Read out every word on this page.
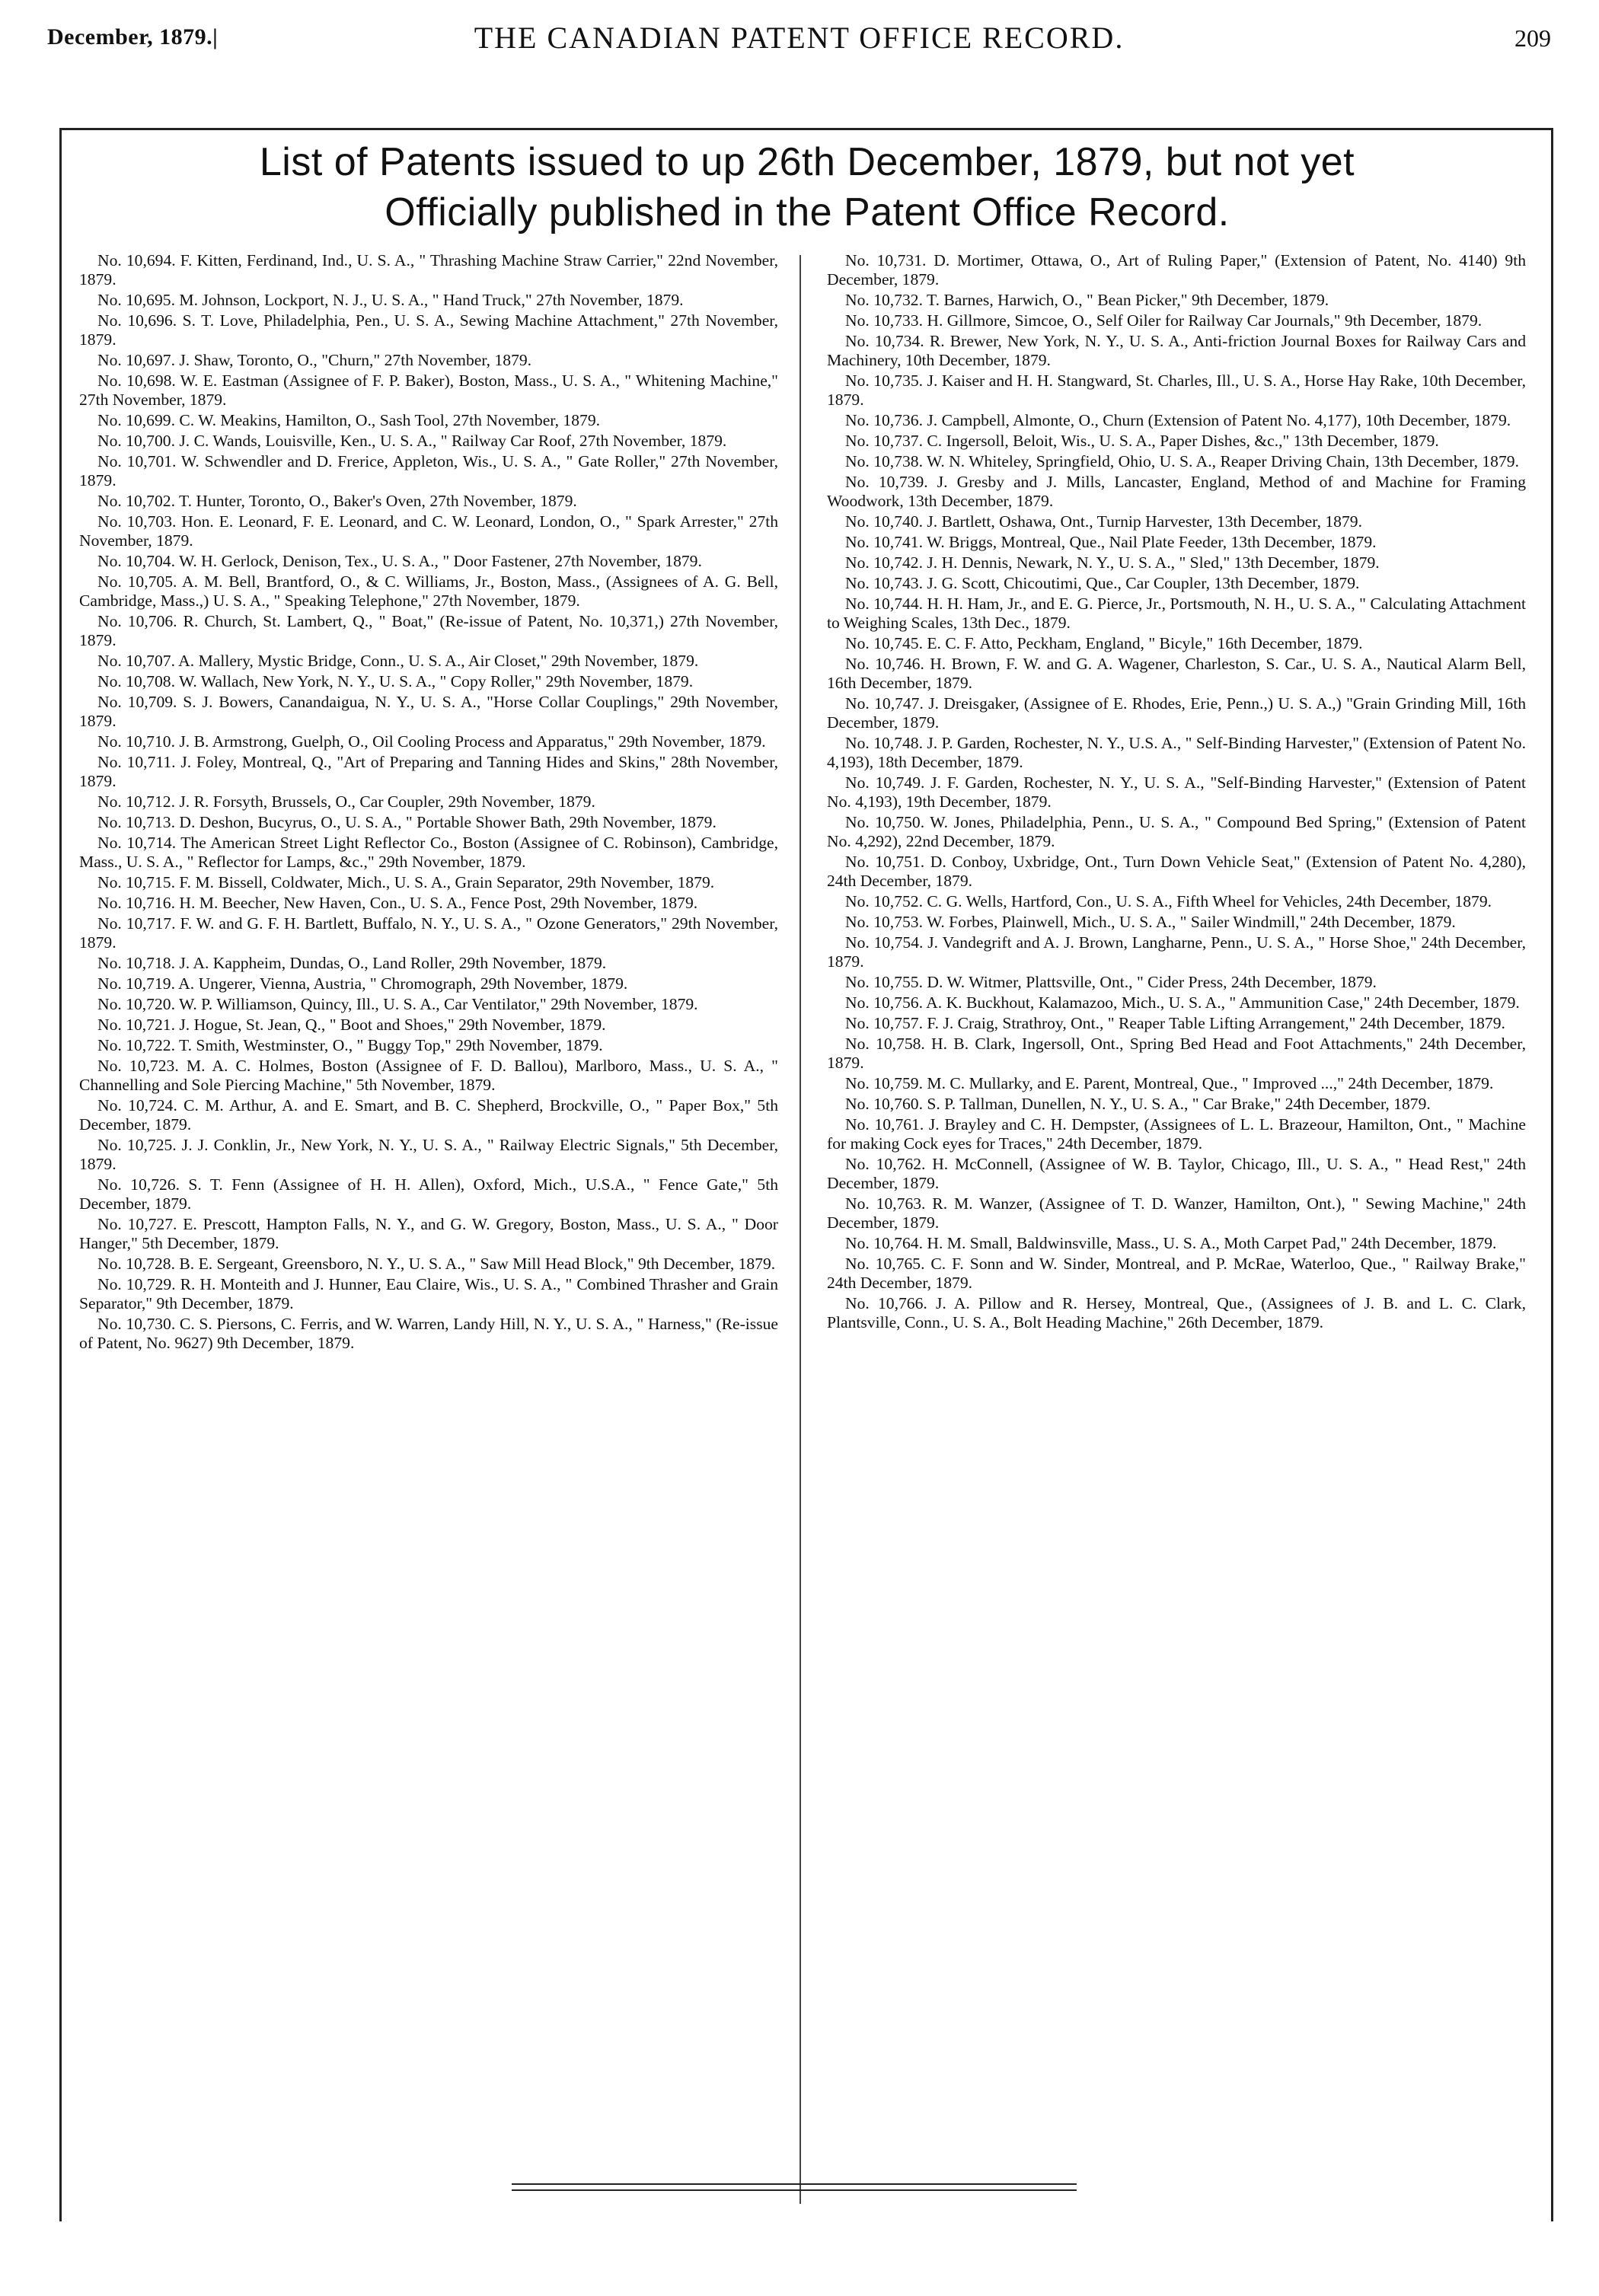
December, 1879.|	THE CANADIAN PATENT OFFICE RECORD.	209
List of Patents issued to up 26th December, 1879, but not yet
Officially published in the Patent Office Record.

No. 10,694. F. Kitten, Ferdinand, Ind., U. S. A., " Thrashing Machine Straw Carrier," 22nd November, 1879.

No. 10,695. M. Johnson, Lockport, N. J., U. S. A., " Hand Truck," 27th November, 1879.

No. 10,696. S. T. Love, Philadelphia, Pen., U. S. A., Sewing Machine Attachment," 27th November, 1879.

No. 10,697. J. Shaw, Toronto, O., "Churn," 27th November, 1879.

No. 10,698. W. E. Eastman (Assignee of F. P. Baker), Boston, Mass., U. S. A., " Whitening Machine," 27th November, 1879.

No. 10,699. C. W. Meakins, Hamilton, O., Sash Tool, 27th November, 1879.

No. 10,700. J. C. Wands, Louisville, Ken., U. S. A., " Railway Car Roof, 27th November, 1879.

No. 10,701. W. Schwendler and D. Frerice, Appleton, Wis., U. S. A., " Gate Roller," 27th November, 1879.

No. 10,702. T. Hunter, Toronto, O., Baker's Oven, 27th November, 1879.

No. 10,703. Hon. E. Leonard, F. E. Leonard, and C. W. Leonard, London, O., " Spark Arrester," 27th November, 1879.

No. 10,704. W. H. Gerlock, Denison, Tex., U. S. A., " Door Fastener, 27th November, 1879.

No. 10,705. A. M. Bell, Brantford, O., & C. Williams, Jr., Boston, Mass., (Assignees of A. G. Bell, Cambridge, Mass.,) U. S. A., " Speaking Telephone," 27th November, 1879.

No. 10,706. R. Church, St. Lambert, Q., " Boat," (Re-issue of Patent, No. 10,371,) 27th November, 1879.

No. 10,707. A. Mallery, Mystic Bridge, Conn., U. S. A., Air Closet," 29th November, 1879.

No. 10,708. W. Wallach, New York, N. Y., U. S. A., " Copy Roller," 29th November, 1879.

No. 10,709. S. J. Bowers, Canandaigua, N. Y., U. S. A., "Horse Collar Couplings," 29th November, 1879.

No. 10,710. J. B. Armstrong, Guelph, O., Oil Cooling Process and Apparatus," 29th November, 1879.

No. 10,711. J. Foley, Montreal, Q., "Art of Preparing and Tanning Hides and Skins," 28th November, 1879.

No. 10,712. J. R. Forsyth, Brussels, O., Car Coupler, 29th November, 1879.

No. 10,713. D. Deshon, Bucyrus, O., U. S. A., " Portable Shower Bath, 29th November, 1879.

No. 10,714. The American Street Light Reflector Co., Boston (Assignee of C. Robinson), Cambridge, Mass., U. S. A., " Reflector for Lamps, &c.," 29th November, 1879.

No. 10,715. F. M. Bissell, Coldwater, Mich., U. S. A., Grain Separator, 29th November, 1879.

No. 10,716. H. M. Beecher, New Haven, Con., U. S. A., Fence Post, 29th November, 1879.

No. 10,717. F. W. and G. F. H. Bartlett, Buffalo, N. Y., U. S. A., " Ozone Generators," 29th November, 1879.

No. 10,718. J. A. Kappheim, Dundas, O., Land Roller, 29th November, 1879.

No. 10,719. A. Ungerer, Vienna, Austria, " Chromograph, 29th November, 1879.

No. 10,720. W. P. Williamson, Quincy, Ill., U. S. A., Car Ventilator," 29th November, 1879.

No. 10,721. J. Hogue, St. Jean, Q., " Boot and Shoes," 29th November, 1879.

No. 10,722. T. Smith, Westminster, O., " Buggy Top," 29th November, 1879.

No. 10,723. M. A. C. Holmes, Boston (Assignee of F. D. Ballou), Marlboro, Mass., U. S. A., " Channelling and Sole Piercing Machine," 5th November, 1879.

No. 10,724. C. M. Arthur, A. and E. Smart, and B. C. Shepherd, Brockville, O., " Paper Box," 5th December, 1879.

No. 10,725. J. J. Conklin, Jr., New York, N. Y., U. S. A., " Railway Electric Signals," 5th December, 1879.

No. 10,726. S. T. Fenn (Assignee of H. H. Allen), Oxford, Mich., U.S.A., " Fence Gate," 5th December, 1879.

No. 10,727. E. Prescott, Hampton Falls, N. Y., and G. W. Gregory, Boston, Mass., U. S. A., " Door Hanger," 5th December, 1879.

No. 10,728. B. E. Sergeant, Greensboro, N. Y., U. S. A., " Saw Mill Head Block," 9th December, 1879.

No. 10,729. R. H. Monteith and J. Hunner, Eau Claire, Wis., U. S. A., " Combined Thrasher and Grain Separator," 9th December, 1879.

No. 10,730. C. S. Piersons, C. Ferris, and W. Warren, Landy Hill, N. Y., U. S. A., " Harness," (Re-issue of Patent, No. 9627) 9th December, 1879.

No. 10,731. D. Mortimer, Ottawa, O., Art of Ruling Paper," (Extension of Patent, No. 4140) 9th December, 1879.

No. 10,732. T. Barnes, Harwich, O., " Bean Picker," 9th December, 1879.

No. 10,733. H. Gillmore, Simcoe, O., Self Oiler for Railway Car Journals," 9th December, 1879.

No. 10,734. R. Brewer, New York, N. Y., U. S. A., Anti-friction Journal Boxes for Railway Cars and Machinery, 10th December, 1879.

No. 10,735. J. Kaiser and H. H. Stangward, St. Charles, Ill., U. S. A., Horse Hay Rake, 10th December, 1879.

No. 10,736. J. Campbell, Almonte, O., Churn (Extension of Patent No. 4,177), 10th December, 1879.

No. 10,737. C. Ingersoll, Beloit, Wis., U. S. A., Paper Dishes, &c.," 13th December, 1879.

No. 10,738. W. N. Whiteley, Springfield, Ohio, U. S. A., Reaper Driving Chain, 13th December, 1879.

No. 10,739. J. Gresby and J. Mills, Lancaster, England, Method of and Machine for Framing Woodwork, 13th December, 1879.

No. 10,740. J. Bartlett, Oshawa, Ont., Turnip Harvester, 13th December, 1879.

No. 10,741. W. Briggs, Montreal, Que., Nail Plate Feeder, 13th December, 1879.

No. 10,742. J. H. Dennis, Newark, N. Y., U. S. A., " Sled," 13th December, 1879.

No. 10,743. J. G. Scott, Chicoutimi, Que., Car Coupler, 13th December, 1879.

No. 10,744. H. H. Ham, Jr., and E. G. Pierce, Jr., Portsmouth, N. H., U. S. A., " Calculating Attachment to Weighing Scales, 13th Dec., 1879.

No. 10,745. E. C. F. Atto, Peckham, England, " Bicyle," 16th December, 1879.

No. 10,746. H. Brown, F. W. and G. A. Wagener, Charleston, S. Car., U. S. A., Nautical Alarm Bell, 16th December, 1879.

No. 10,747. J. Dreisgaker, (Assignee of E. Rhodes, Erie, Penn.,) U. S. A.,) "Grain Grinding Mill, 16th December, 1879.

No. 10,748. J. P. Garden, Rochester, N. Y., U.S. A., " Self-Binding Harvester," (Extension of Patent No. 4,193), 18th December, 1879.

No. 10,749. J. F. Garden, Rochester, N. Y., U. S. A., "Self-Binding Harvester," (Extension of Patent No. 4,193), 19th December, 1879.

No. 10,750. W. Jones, Philadelphia, Penn., U. S. A., " Compound Bed Spring," (Extension of Patent No. 4,292), 22nd December, 1879.

No. 10,751. D. Conboy, Uxbridge, Ont., Turn Down Vehicle Seat," (Extension of Patent No. 4,280), 24th December, 1879.

No. 10,752. C. G. Wells, Hartford, Con., U. S. A., Fifth Wheel for Vehicles, 24th December, 1879.

No. 10,753. W. Forbes, Plainwell, Mich., U. S. A., " Sailer Windmill," 24th December, 1879.

No. 10,754. J. Vandegrift and A. J. Brown, Langharne, Penn., U. S. A., " Horse Shoe," 24th December, 1879.

No. 10,755. D. W. Witmer, Plattsville, Ont., " Cider Press, 24th December, 1879.

No. 10,756. A. K. Buckhout, Kalamazoo, Mich., U. S. A., " Ammunition Case," 24th December, 1879.

No. 10,757. F. J. Craig, Strathroy, Ont., " Reaper Table Lifting Arrangement," 24th December, 1879.

No. 10,758. H. B. Clark, Ingersoll, Ont., Spring Bed Head and Foot Attachments," 24th December, 1879.

No. 10,759. M. C. Mullarky, and E. Parent, Montreal, Que., " Improved ...," 24th December, 1879.

No. 10,760. S. P. Tallman, Dunellen, N. Y., U. S. A., " Car Brake," 24th December, 1879.

No. 10,761. J. Brayley and C. H. Dempster, (Assignees of L. L. Brazeour, Hamilton, Ont., " Machine for making Cock eyes for Traces," 24th December, 1879.

No. 10,762. H. McConnell, (Assignee of W. B. Taylor, Chicago, Ill., U. S. A., " Head Rest," 24th December, 1879.

No. 10,763. R. M. Wanzer, (Assignee of T. D. Wanzer, Hamilton, Ont.), " Sewing Machine," 24th December, 1879.

No. 10,764. H. M. Small, Baldwinsville, Mass., U. S. A., Moth Carpet Pad," 24th December, 1879.

No. 10,765. C. F. Sonn and W. Sinder, Montreal, and P. McRae, Waterloo, Que., " Railway Brake," 24th December, 1879.

No. 10,766. J. A. Pillow and R. Hersey, Montreal, Que., (Assignees of J. B. and L. C. Clark, Plantsville, Conn., U. S. A., Bolt Heading Machine," 26th December, 1879.
